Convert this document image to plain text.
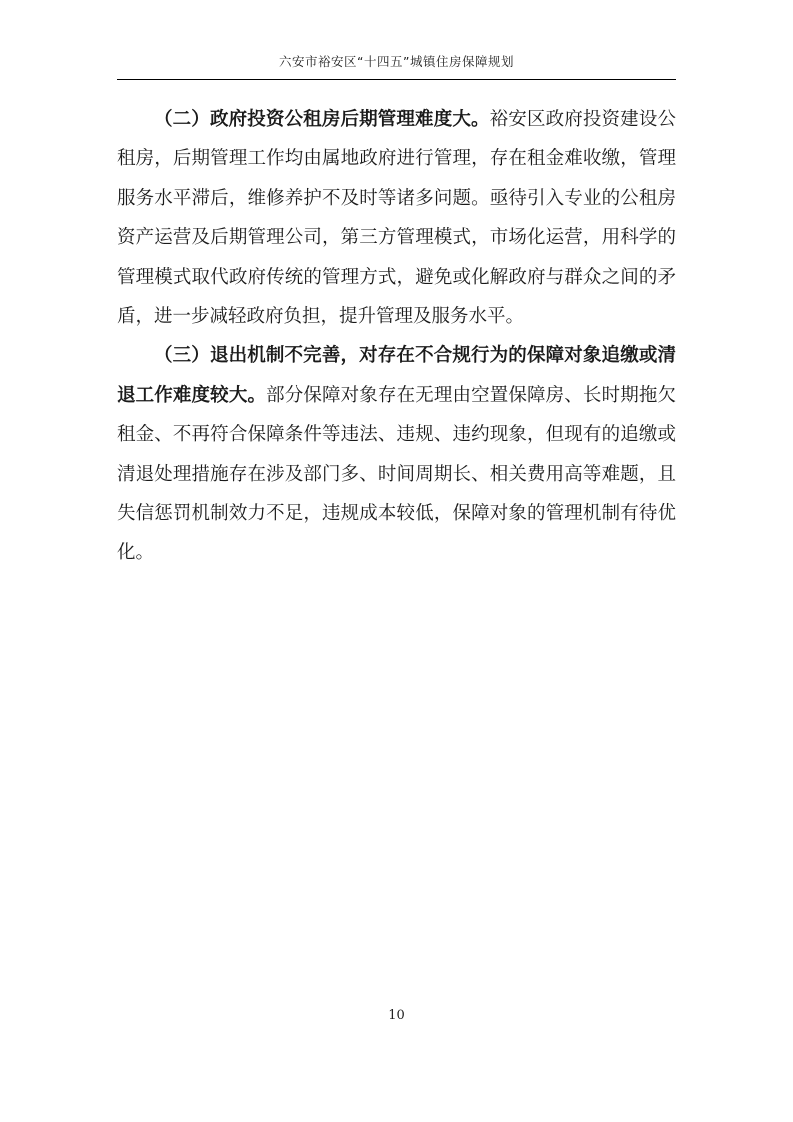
六安市裕安区“十四五”城镇住房保障规划

（二）政府投资公租房后期管理难度大。裕安区政府投资建设公租房，后期管理工作均由属地政府进行管理，存在租金难收缴，管理服务水平滞后，维修养护不及时等诸多问题。亟待引入专业的公租房资产运营及后期管理公司，第三方管理模式，市场化运营，用科学的管理模式取代政府传统的管理方式，避免或化解政府与群众之间的矛盾，进一步减轻政府负担，提升管理及服务水平。

（三）退出机制不完善，对存在不合规行为的保障对象追缴或清退工作难度较大。部分保障对象存在无理由空置保障房、长时期拖欠租金、不再符合保障条件等违法、违规、违约现象，但现有的追缴或清退处理措施存在涉及部门多、时间周期长、相关费用高等难题，且失信惩罚机制效力不足，违规成本较低，保障对象的管理机制有待优化。

10
